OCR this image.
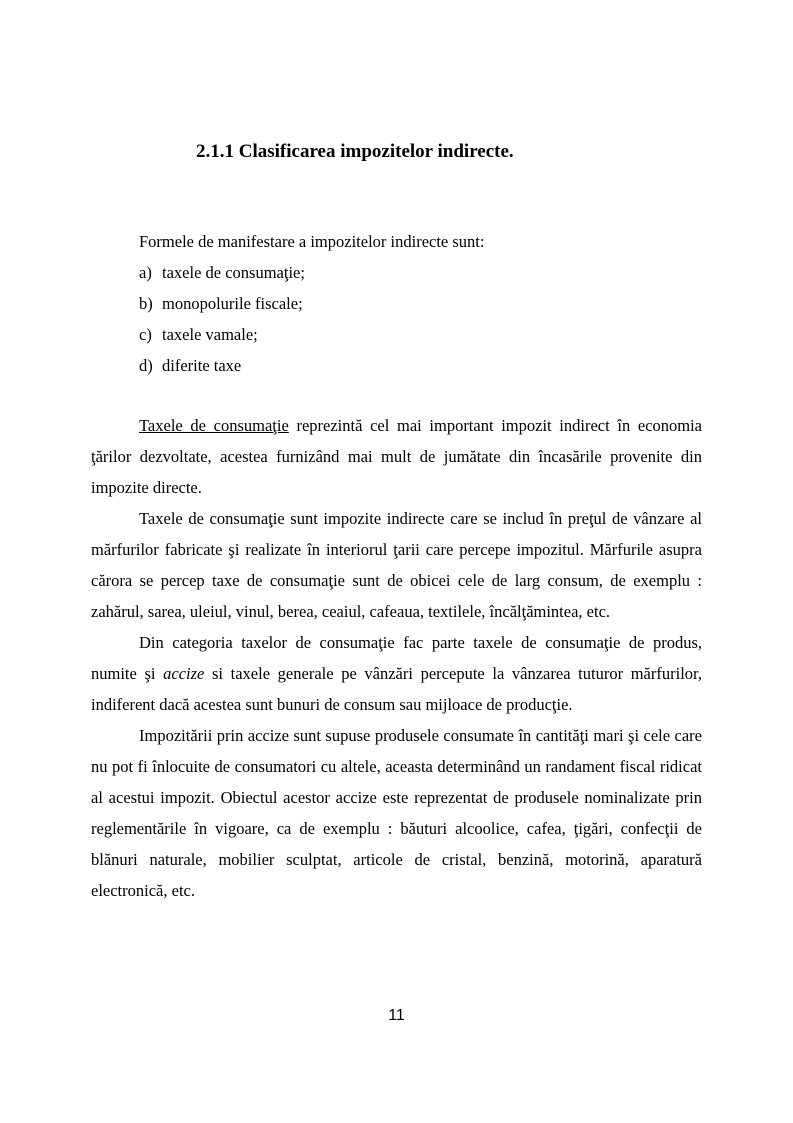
2.1.1 Clasificarea impozitelor indirecte.

Formele de manifestare a impozitelor indirecte sunt:

a) taxele de consumaţie;
b) monopolurile fiscale;
c) taxele vamale;
d) diferite taxe

Taxele de consumaţie reprezintă cel mai important impozit indirect în economia ţărilor dezvoltate, acestea furnizând mai mult de jumătate din încasările provenite din impozite directe.

Taxele de consumaţie sunt impozite indirecte care se includ în preţul de vânzare al mărfurilor fabricate şi realizate în interiorul ţarii care percepe impozitul. Mărfurile asupra cărora se percep taxe de consumaţie sunt de obicei cele de larg consum, de exemplu : zahărul, sarea, uleiul, vinul, berea, ceaiul, cafeaua, textilele, încălţămintea, etc.

Din categoria taxelor de consumaţie fac parte taxele de consumaţie de produs, numite şi accize si taxele generale pe vânzări percepute la vânzarea tuturor mărfurilor, indiferent dacă acestea sunt bunuri de consum sau mijloace de producţie.

Impozitării prin accize sunt supuse produsele consumate în cantităţi mari şi cele care nu pot fi înlocuite de consumatori cu altele, aceasta determinând un randament fiscal ridicat al acestui impozit. Obiectul acestor accize este reprezentat de produsele nominalizate prin reglementările în vigoare, ca de exemplu : băuturi alcoolice, cafea, ţigări, confecţii de blănuri naturale, mobilier sculptat, articole de cristal, benzină, motorină, aparatură electronică, etc.

11
